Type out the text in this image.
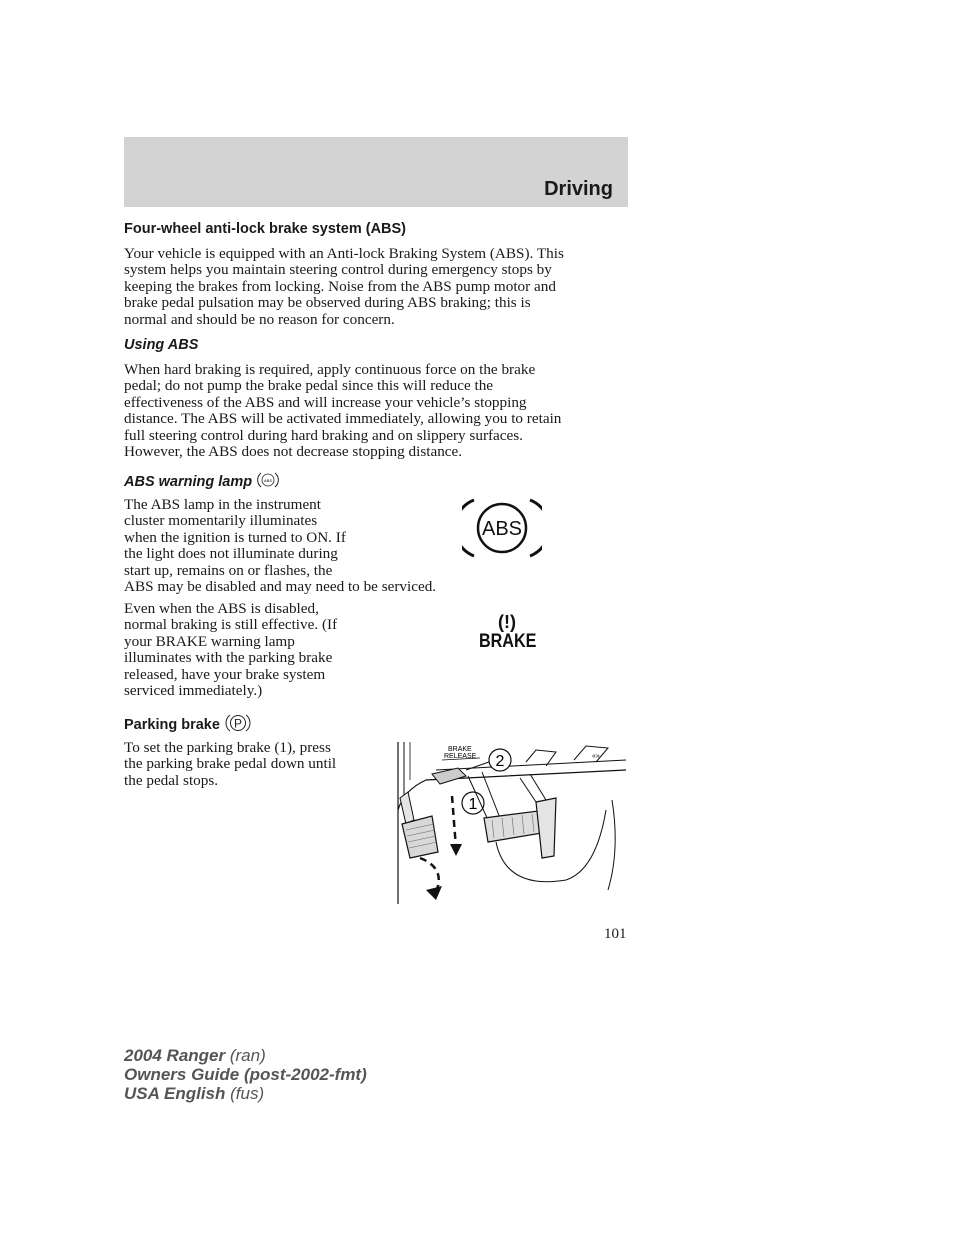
Driving
Four-wheel anti-lock brake system (ABS)
Your vehicle is equipped with an Anti-lock Braking System (ABS). This
system helps you maintain steering control during emergency stops by
keeping the brakes from locking. Noise from the ABS pump motor and
brake pedal pulsation may be observed during ABS braking; this is
normal and should be no reason for concern.
Using ABS
When hard braking is required, apply continuous force on the brake
pedal; do not pump the brake pedal since this will reduce the
effectiveness of the ABS and will increase your vehicle’s stopping
distance. The ABS will be activated immediately, allowing you to retain
full steering control during hard braking and on slippery surfaces.
However, the ABS does not decrease stopping distance.
ABS warning lamp	ABS
The ABS lamp in the instrument
cluster momentarily illuminates
when the ignition is turned to ON. If
the light does not illuminate during
start up, remains on or flashes, the
ABS may be disabled and may need to be serviced.
ABS
Even when the ABS is disabled,
normal braking is still effective. (If
your BRAKE warning lamp
illuminates with the parking brake
released, have your brake system
serviced immediately.)
(!)
BRAKE
Parking brake P
To set the parking brake (1), press
the parking brake pedal down until
the pedal stops.
«»
BRAKE
RELEASE 2
1
101
2004 Ranger (ran)
Owners Guide (post-2002-fmt)
USA English (fus)
